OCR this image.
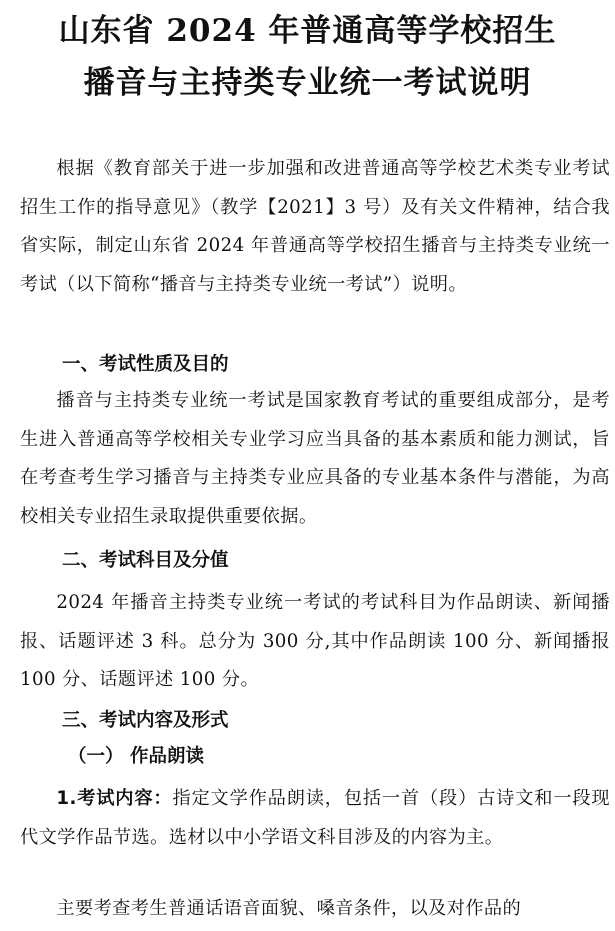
山东省 2024 年普通高等学校招生
播音与主持类专业统一考试说明

根据《教育部关于进一步加强和改进普通高等学校艺术类专业考试招生工作的指导意见》（教学【2021】3 号）及有关文件精神，结合我省实际，制定山东省 2024 年普通高等学校招生播音与主持类专业统一考试（以下简称“播音与主持类专业统一考试”）说明。

一、考试性质及目的

播音与主持类专业统一考试是国家教育考试的重要组成部分，是考生进入普通高等学校相关专业学习应当具备的基本素质和能力测试，旨在考查考生学习播音与主持类专业应具备的专业基本条件与潜能，为高校相关专业招生录取提供重要依据。

二、考试科目及分值

2024 年播音主持类专业统一考试的考试科目为作品朗读、新闻播报、话题评述 3 科。总分为 300 分,其中作品朗读 100 分、新闻播报 100 分、话题评述 100 分。

三、考试内容及形式
（一） 作品朗读

1.考试内容：指定文学作品朗读，包括一首（段）古诗文和一段现代文学作品节选。选材以中小学语文科目涉及的内容为主。

主要考查考生普通话语音面貌、嗓音条件，以及对作品的
